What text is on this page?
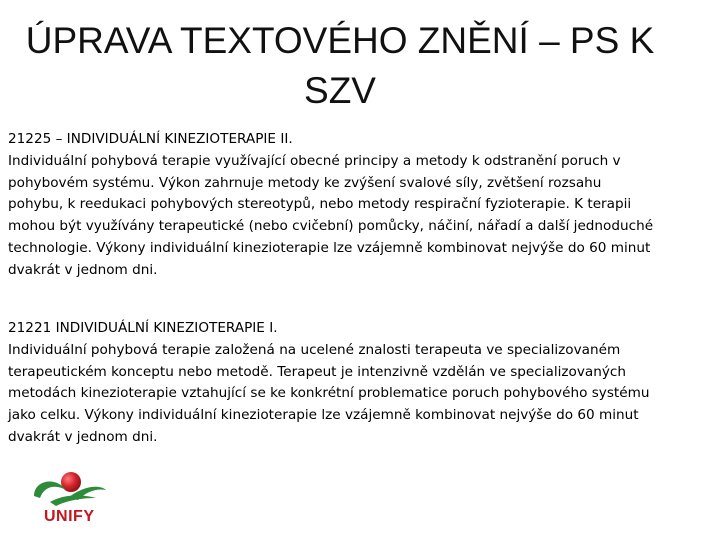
ÚPRAVA TEXTOVÉHO ZNĚNÍ – PS K SZV
21225 – INDIVIDUÁLNÍ KINEZIOTERAPIE II.
Individuální pohybová terapie využívající obecné principy a metody k odstranění poruch v pohybovém systému. Výkon zahrnuje metody ke zvýšení svalové síly, zvětšení rozsahu pohybu, k reedukaci pohybových stereotypů, nebo metody respirační fyzioterapie. K terapii mohou být využívány terapeutické (nebo cvičební) pomůcky, náčiní, nářadí a další jednoduché technologie. Výkony individuální kinezioterapie lze vzájemně kombinovat nejvýše do 60 minut dvakrát v jednom dni.
21221 INDIVIDUÁLNÍ KINEZIOTERAPIE I.
Individuální pohybová terapie založená na ucelené znalosti terapeuta ve specializovaném terapeutickém konceptu nebo metodě. Terapeut je intenzivně vzdělán ve specializovaných metodách kinezioterapie vztahující se ke konkrétní problematice poruch pohybového systému jako celku. Výkony individuální kinezioterapie lze vzájemně kombinovat nejvýše do 60 minut dvakrát v jednom dni.
UNIFY
